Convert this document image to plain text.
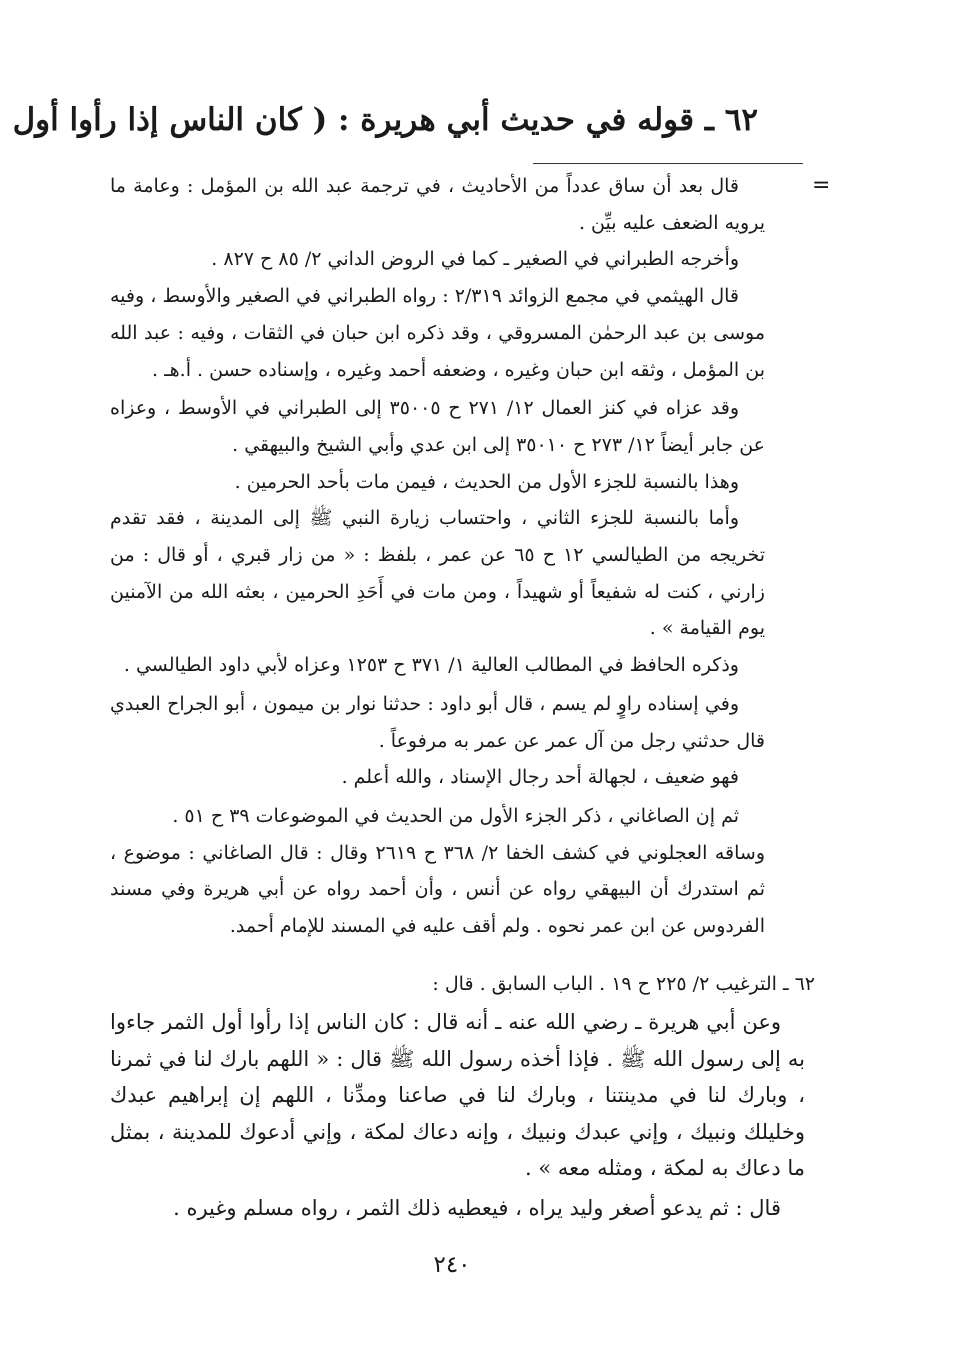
٦٢ ـ قوله في حديث أبي هريرة : ( كان الناس إذا رأوا أول
=

قال بعد أن ساق عدداً من الأحاديث ، في ترجمة عبد الله بن المؤمل : وعامة ما يرويه الضعف عليه بيِّن .

وأخرجه الطبراني في الصغير ـ كما في الروض الداني ٢/ ٨٥ ح ٨٢٧ .

قال الهيثمي في مجمع الزوائد ٢/٣١٩ : رواه الطبراني في الصغير والأوسط ، وفيه موسى بن عبد الرحمٰن المسروقي ، وقد ذكره ابن حبان في الثقات ، وفيه : عبد الله بن المؤمل ، وثقه ابن حبان وغيره ، وضعفه أحمد وغيره ، وإسناده حسن . أ.هـ .

وقد عزاه في كنز العمال ١٢/ ٢٧١ ح ٣٥٠٠٥ إلى الطبراني في الأوسط ، وعزاه عن جابر أيضاً ١٢/ ٢٧٣ ح ٣٥٠١٠ إلى ابن عدي وأبي الشيخ والبيهقي .

وهذا بالنسبة للجزء الأول من الحديث ، فيمن مات بأحد الحرمين .

وأما بالنسبة للجزء الثاني ، واحتساب زيارة النبي ﷺ إلى المدينة ، فقد تقدم تخريجه من الطيالسي ١٢ ح ٦٥ عن عمر ، بلفظ : « من زار قبري ، أو قال : من زارني ، كنت له شفيعاً أو شهيداً ، ومن مات في أَحَدِ الحرمين ، بعثه الله من الآمنين يوم القيامة » .

وذكره الحافظ في المطالب العالية ١/ ٣٧١ ح ١٢٥٣ وعزاه لأبي داود الطيالسي .

وفي إسناده راوٍ لم يسم ، قال أبو داود : حدثنا نوار بن ميمون ، أبو الجراح العبدي قال حدثني رجل من آل عمر عن عمر به مرفوعاً .

فهو ضعيف ، لجهالة أحد رجال الإسناد ، والله أعلم .

ثم إن الصاغاني ، ذكر الجزء الأول من الحديث في الموضوعات ٣٩ ح ٥١ .

وساقه العجلوني في كشف الخفا ٢/ ٣٦٨ ح ٢٦١٩ وقال : قال الصاغاني : موضوع ، ثم استدرك أن البيهقي رواه عن أنس ، وأن أحمد رواه عن أبي هريرة وفي مسند الفردوس عن ابن عمر نحوه . ولم أقف عليه في المسند للإمام أحمد.

٦٢ ـ الترغيب ٢/ ٢٢٥ ح ١٩ . الباب السابق . قال :

وعن أبي هريرة ـ رضي الله عنه ـ أنه قال : كان الناس إذا رأوا أول الثمر جاءوا به إلى رسول الله ﷺ . فإذا أخذه رسول الله ﷺ قال : « اللهم بارك لنا في ثمرنا ، وبارك لنا في مدينتنا ، وبارك لنا في صاعنا ومدِّنا ، اللهم إن إبراهيم عبدك وخليلك ونبيك ، وإني عبدك ونبيك ، وإنه دعاك لمكة ، وإني أدعوك للمدينة ، بمثل ما دعاك به لمكة ، ومثله معه » .

قال : ثم يدعو أصغر وليد يراه ، فيعطيه ذلك الثمر ، رواه مسلم وغيره .

٢٤٠
